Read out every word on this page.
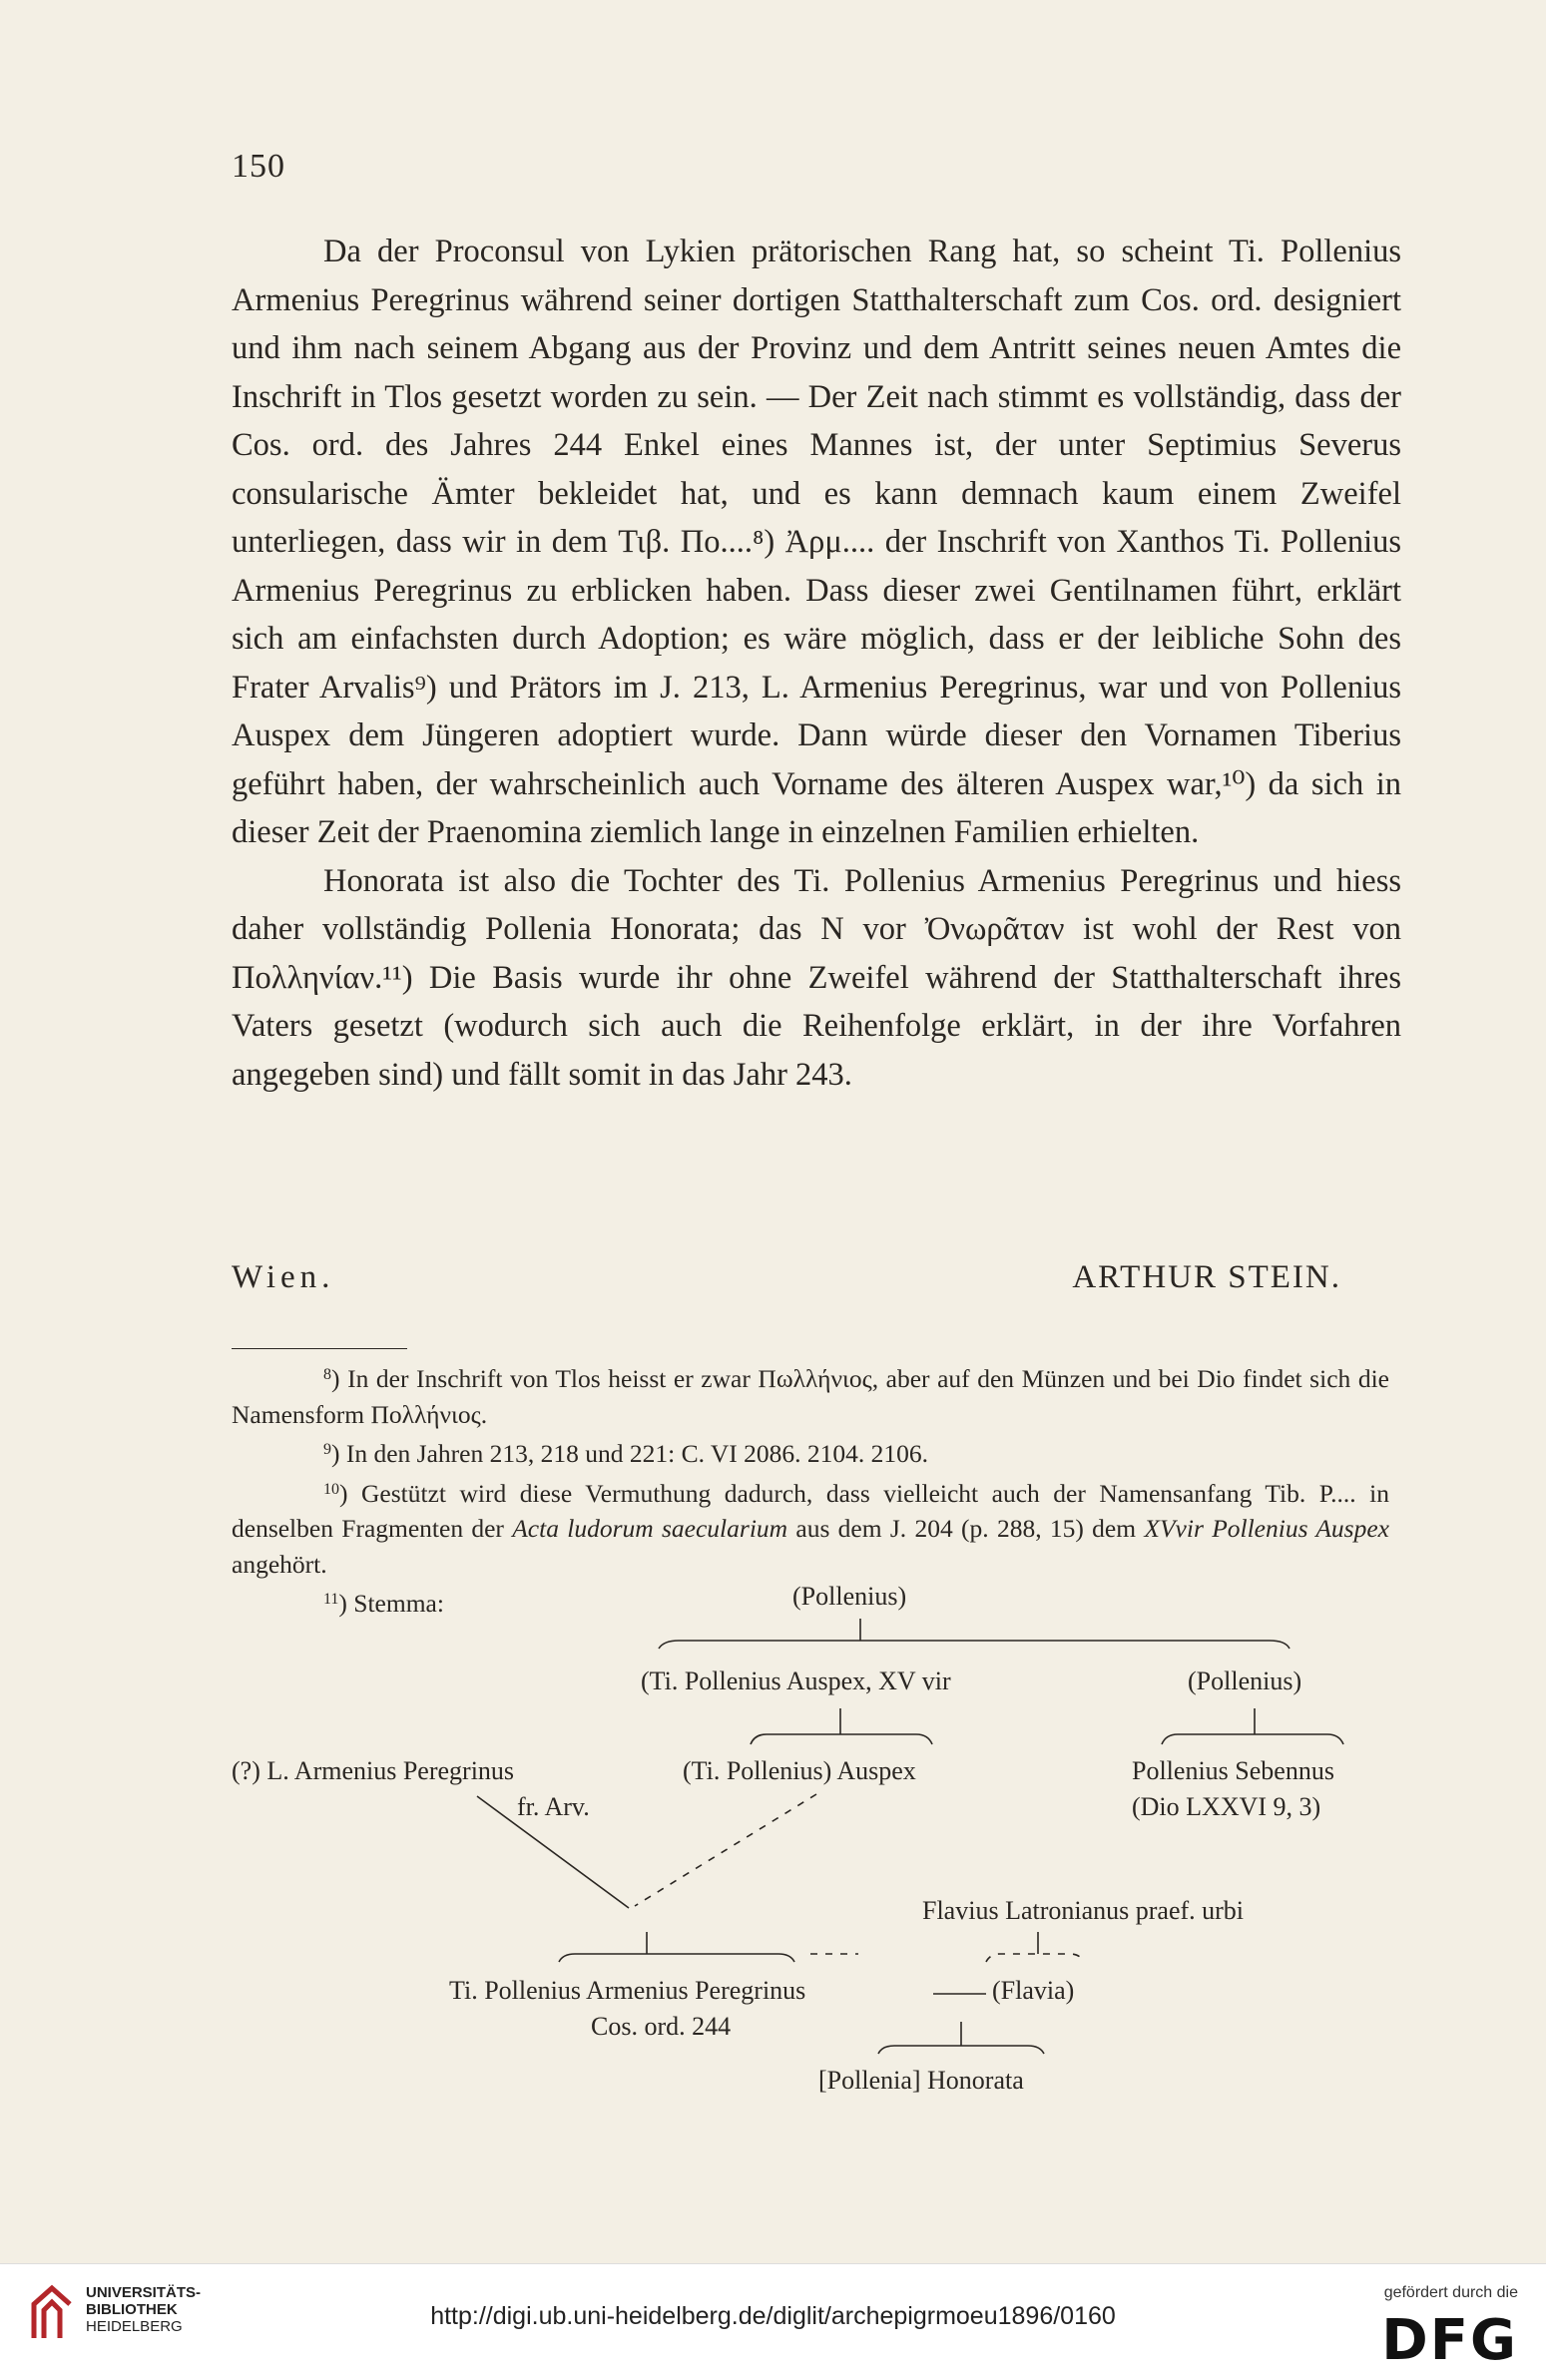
150

Da der Proconsul von Lykien prätorischen Rang hat, so scheint Ti. Pollenius Armenius Peregrinus während seiner dortigen Statthalterschaft zum Cos. ord. designiert und ihm nach seinem Abgang aus der Provinz und dem Antritt seines neuen Amtes die Inschrift in Tlos gesetzt worden zu sein. — Der Zeit nach stimmt es vollständig, dass der Cos. ord. des Jahres 244 Enkel eines Mannes ist, der unter Septimius Severus consularische Ämter bekleidet hat, und es kann demnach kaum einem Zweifel unterliegen, dass wir in dem Τιβ. Πο....⁸) Ἀρμ.... der Inschrift von Xanthos Ti. Pollenius Armenius Peregrinus zu erblicken haben. Dass dieser zwei Gentilnamen führt, erklärt sich am einfachsten durch Adoption; es wäre möglich, dass er der leibliche Sohn des Frater Arvalis⁹) und Prätors im J. 213, L. Armenius Peregrinus, war und von Pollenius Auspex dem Jüngeren adoptiert wurde. Dann würde dieser den Vornamen Tiberius geführt haben, der wahrscheinlich auch Vorname des älteren Auspex war,¹⁰) da sich in dieser Zeit der Praenomina ziemlich lange in einzelnen Familien erhielten.

Honorata ist also die Tochter des Ti. Pollenius Armenius Peregrinus und hiess daher vollständig Pollenia Honorata; das N vor Ὀνωρᾶταν ist wohl der Rest von Πολληνίαν.¹¹) Die Basis wurde ihr ohne Zweifel während der Statthalterschaft ihres Vaters gesetzt (wodurch sich auch die Reihenfolge erklärt, in der ihre Vorfahren angegeben sind) und fällt somit in das Jahr 243.

Wien.	ARTHUR STEIN.

$^8$) In der Inschrift von Tlos heisst er zwar Πωλλήνιος, aber auf den Münzen und bei Dio findet sich die Namensform Πολλήνιος.

$^9$) In den Jahren 213, 218 und 221: C. VI 2086. 2104. 2106.

$^{10}$) Gestützt wird diese Vermuthung dadurch, dass vielleicht auch der Namensanfang Tib. P.... in denselben Fragmenten der Acta ludorum saecularium aus dem J. 204 (p. 288, 15) dem XVvir Pollenius Auspex angehört.

$^{11}$) Stemma:	(Pollenius)
(Ti. Pollenius Auspex, XV vir	(Pollenius)
(?) L. Armenius Peregrinus
fr. Arv.
(Ti. Pollenius) Auspex	Pollenius Sebennus
(Dio LXXVI 9, 3)
Flavius Latronianus praef. urbi
Ti. Pollenius Armenius Peregrinus
Cos. ord. 244
(Flavia)
[Pollenia] Honorata
UNIVERSITÄTS-
BIBLIOTHEK
HEIDELBERG	http://digi.ub.uni-heidelberg.de/diglit/archepigrmoeu1896/0160
gefördert durch die
DFG
